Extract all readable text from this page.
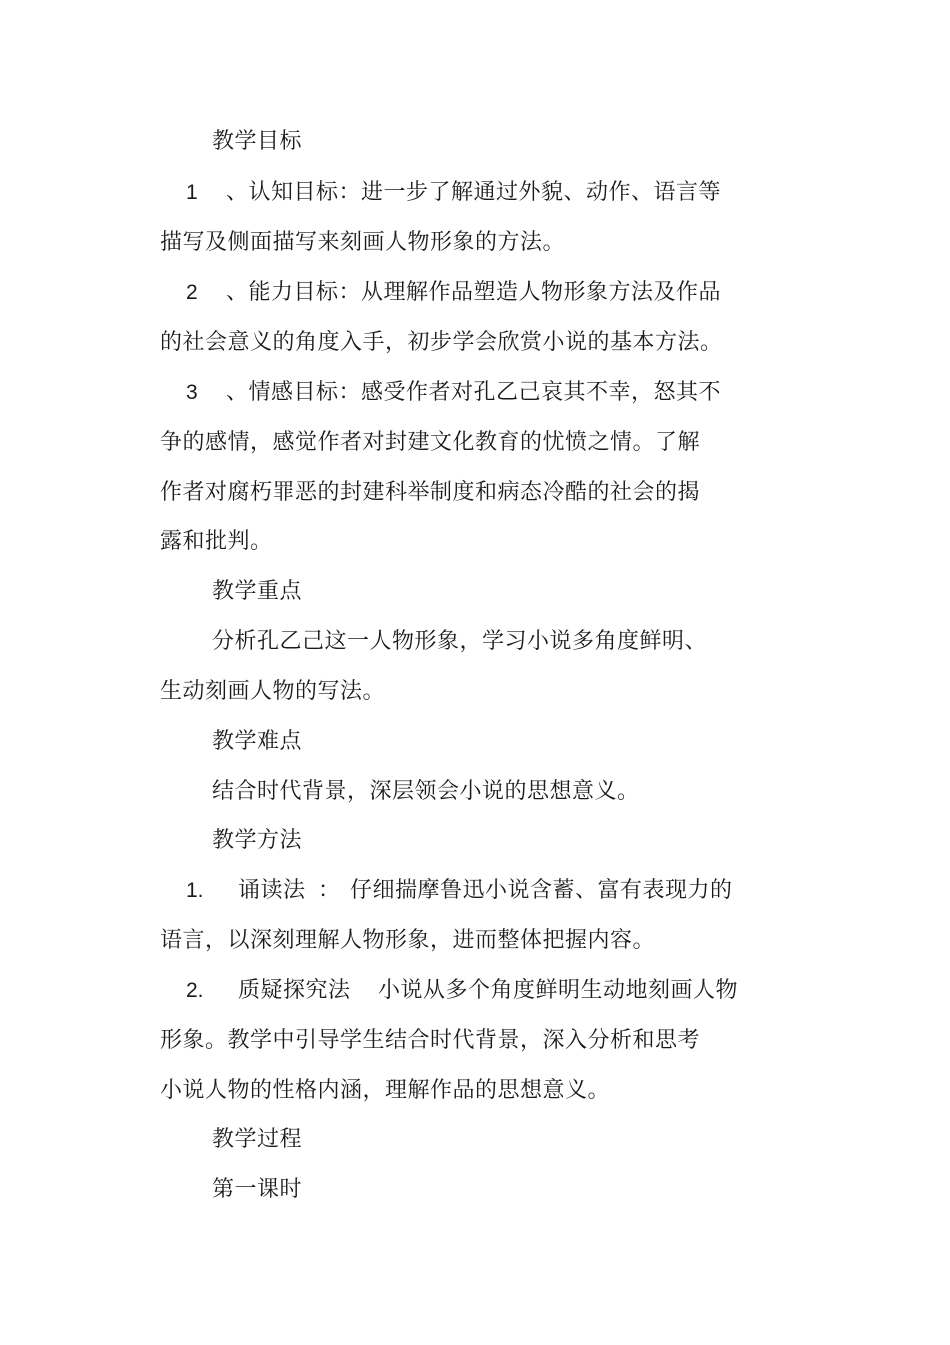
教学目标
1 、认知目标：进一步了解通过外貌、动作、语言等
描写及侧面描写来刻画人物形象的方法。
2 、能力目标：从理解作品塑造人物形象方法及作品
的社会意义的角度入手，初步学会欣赏小说的基本方法。
3 、情感目标：感受作者对孔乙己哀其不幸，怒其不
争的感情，感觉作者对封建文化教育的忧愤之情。了解
作者对腐朽罪恶的封建科举制度和病态冷酷的社会的揭
露和批判。
教学重点
分析孔乙己这一人物形象，学习小说多角度鲜明、
生动刻画人物的写法。
教学难点
结合时代背景，深层领会小说的思想意义。
教学方法
1. 诵读法 ： 仔细揣摩鲁迅小说含蓄、富有表现力的
语言，以深刻理解人物形象，进而整体把握内容。
2. 质疑探究法 小说从多个角度鲜明生动地刻画人物
形象。教学中引导学生结合时代背景，深入分析和思考
小说人物的性格内涵，理解作品的思想意义。
教学过程
第一课时
